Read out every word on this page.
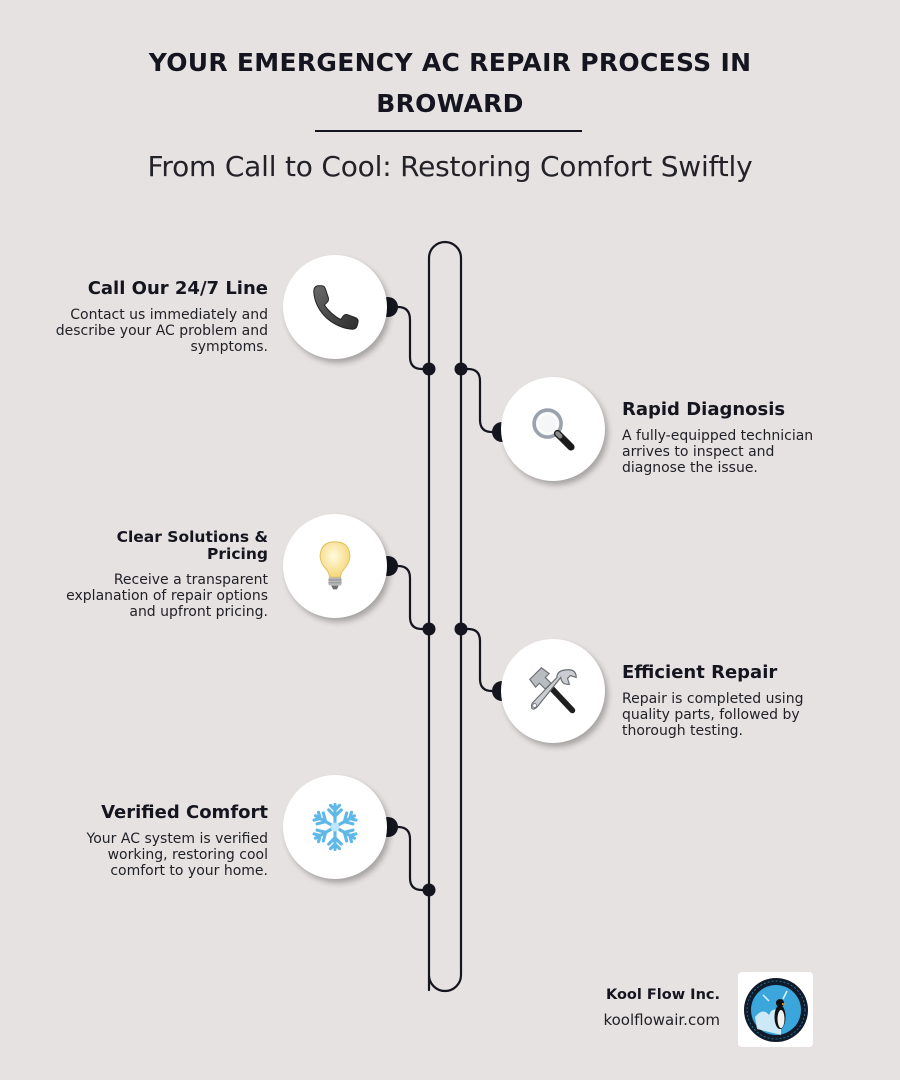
YOUR EMERGENCY AC REPAIR PROCESS IN
BROWARD
From Call to Cool: Restoring Comfort Swiftly
Call Our 24/7 Line
Contact us immediately and describe your AC problem and symptoms.
Rapid Diagnosis
A fully-equipped technician arrives to inspect and diagnose the issue.
Clear Solutions & Pricing
Receive a transparent explanation of repair options and upfront pricing.
Efficient Repair
Repair is completed using quality parts, followed by thorough testing.
Verified Comfort
Your AC system is verified working, restoring cool comfort to your home.
Kool Flow Inc.
koolflowair.com
